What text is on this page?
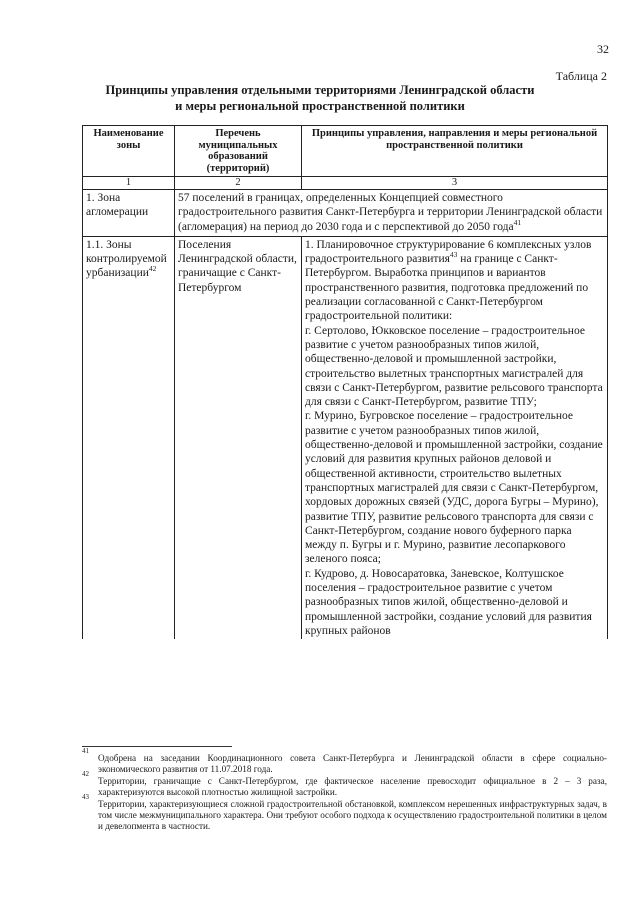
32
Таблица 2
Принципы управления отдельными территориями Ленинградской области
и меры региональной пространственной политики
Наименование зоны	Перечень муниципальных образований (территорий)	Принципы управления, направления и меры региональной пространственной политики
1	2	3
1. Зона агломерации	57 поселений в границах, определенных Концепцией совместного градостроительного развития Санкт-Петербурга и территории Ленинградской области (агломерация) на период до 2030 года и с перспективой до 2050 года$^{41}$
1.1. Зоны контролируемой урбанизации$^{42}$	Поселения Ленинградской области, граничащие с Санкт-Петербургом	1. Планировочное структурирование 6 комплексных узлов градостроительного развития$^{43}$ на границе с Санкт-Петербургом. Выработка принципов и вариантов пространственного развития, подготовка предложений по реализации согласованной с Санкт-Петербургом градостроительной политики:
г. Сертолово, Юкковское поселение – градостроительное развитие с учетом разнообразных типов жилой, общественно-деловой и промышленной застройки, строительство вылетных транспортных магистралей для связи с Санкт-Петербургом, развитие рельсового транспорта для связи с Санкт-Петербургом, развитие ТПУ;
г. Мурино, Бугровское поселение – градостроительное развитие с учетом разнообразных типов жилой, общественно-деловой и промышленной застройки, создание условий для развития крупных районов деловой и общественной активности, строительство вылетных транспортных магистралей для связи с Санкт-Петербургом, хордовых дорожных связей (УДС, дорога Бугры – Мурино), развитие ТПУ, развитие рельсового транспорта для связи с Санкт-Петербургом, создание нового буферного парка между п. Бугры и г. Мурино, развитие лесопаркового зеленого пояса;
г. Кудрово, д. Новосаратовка, Заневское, Колтушское поселения – градостроительное развитие с учетом разнообразных типов жилой, общественно-деловой и промышленной застройки, создание условий для развития крупных районов
41
Одобрена на заседании Координационного совета Санкт-Петербурга и Ленинградской области в сфере социально-экономического развития от 11.07.2018 года.
42
Территории, граничащие с Санкт-Петербургом, где фактическое население превосходит официальное в 2 – 3 раза, характеризуются высокой плотностью жилищной застройки.
43
Территории, характеризующиеся сложной градостроительной обстановкой, комплексом нерешенных инфраструктурных задач, в том числе межмуниципального характера. Они требуют особого подхода к осуществлению градостроительной политики в целом и девелопмента в частности.
